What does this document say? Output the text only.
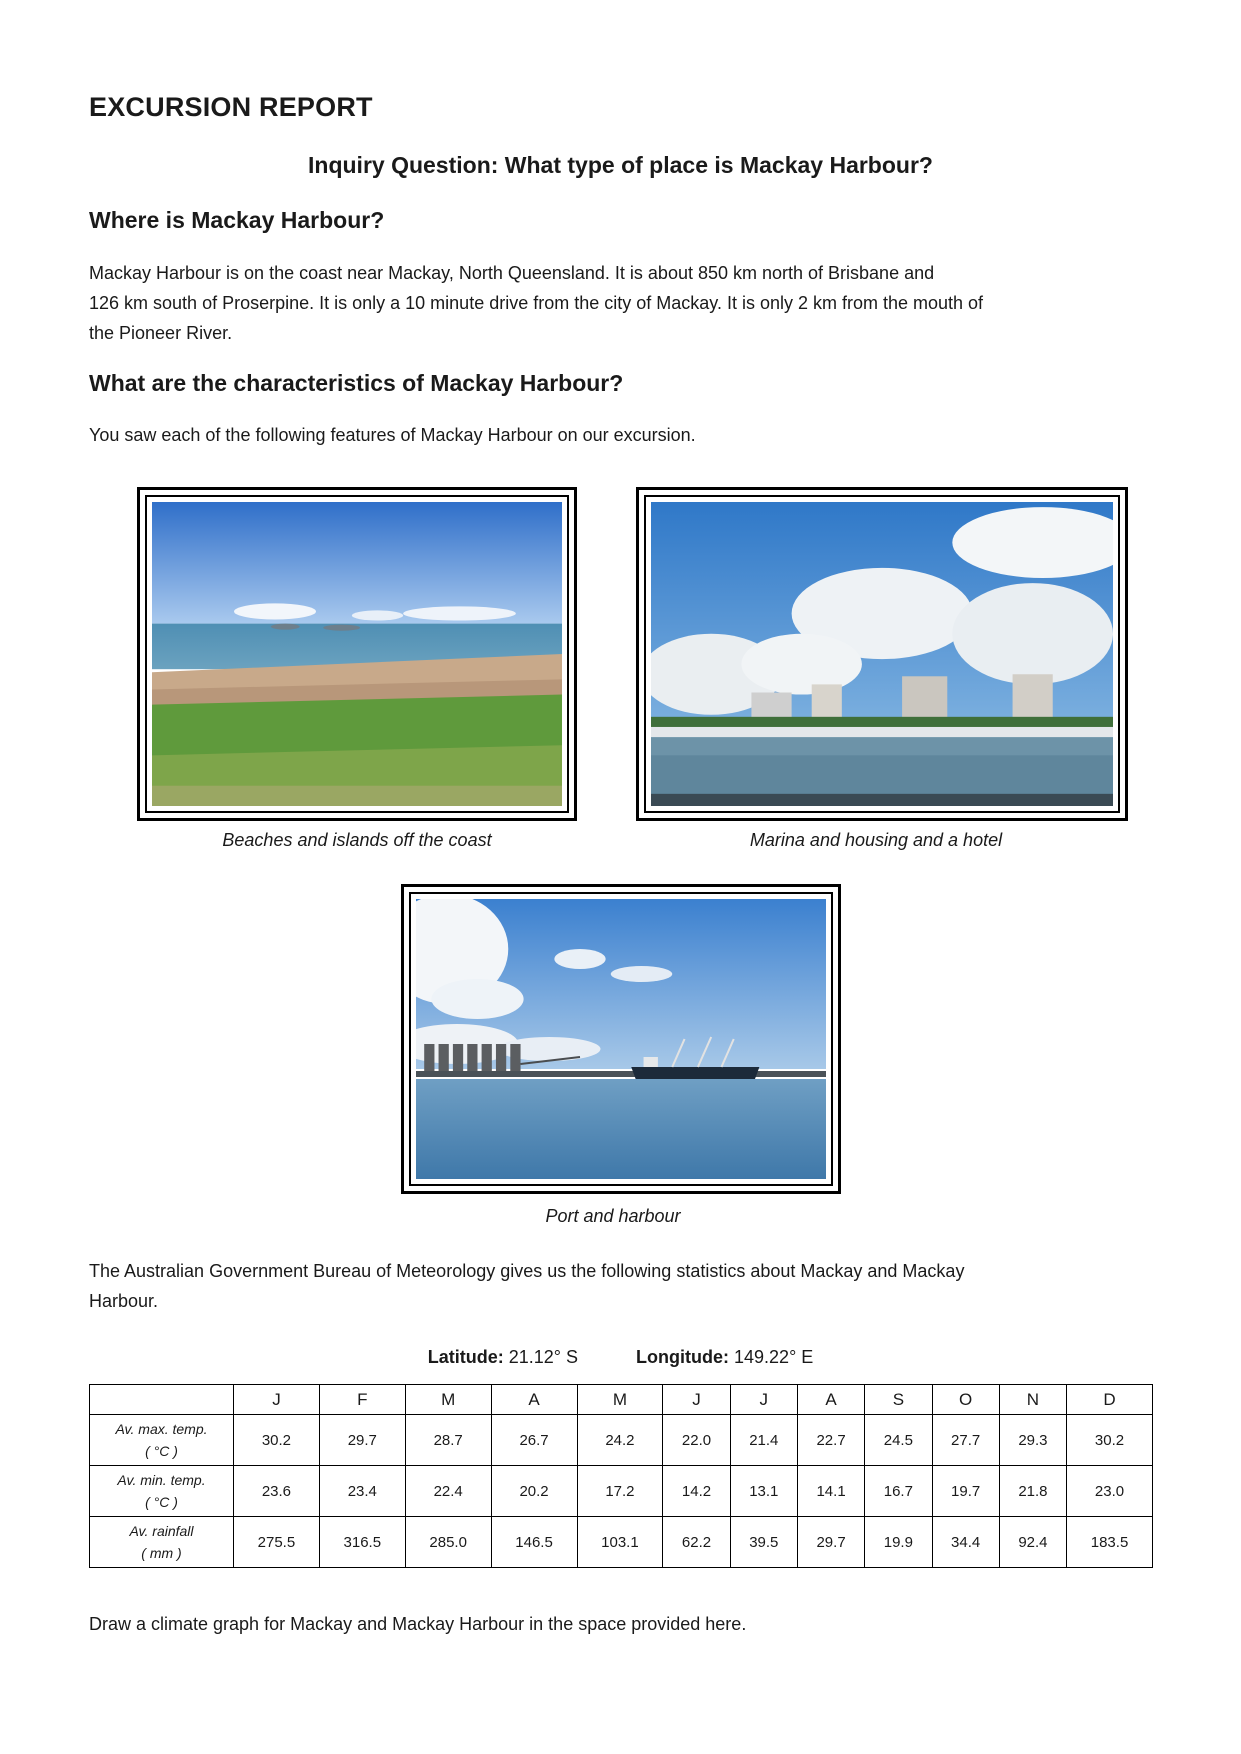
EXCURSION REPORT

Inquiry Question: What type of place is Mackay Harbour?

Where is Mackay Harbour?
Mackay Harbour is on the coast near Mackay, North Queensland. It is about 850 km north of Brisbane and
126 km south of Proserpine. It is only a 10 minute drive from the city of Mackay. It is only 2 km from the mouth of
the Pioneer River.
What are the characteristics of Mackay Harbour?

You saw each of the following features of Mackay Harbour on our excursion.

Beaches and islands off the coast	Marina and housing and a hotel

Port and harbour

The Australian Government Bureau of Meteorology gives us the following statistics about Mackay and Mackay
Harbour.
Latitude: 21.12° S	Longitude: 149.22° E
	J	F	M	A	M	J	J	A	S	O	N	D

Av. max. temp.
( °C )	30.2	29.7	28.7	26.7	24.2	22.0	21.4	22.7	24.5	27.7	29.3	30.2

Av. min. temp.
( °C )	23.6	23.4	22.4	20.2	17.2	14.2	13.1	14.1	16.7	19.7	21.8	23.0

Av. rainfall
( mm )	275.5	316.5	285.0	146.5	103.1	62.2	39.5	29.7	19.9	34.4	92.4	183.5

Draw a climate graph for Mackay and Mackay Harbour in the space provided here.
